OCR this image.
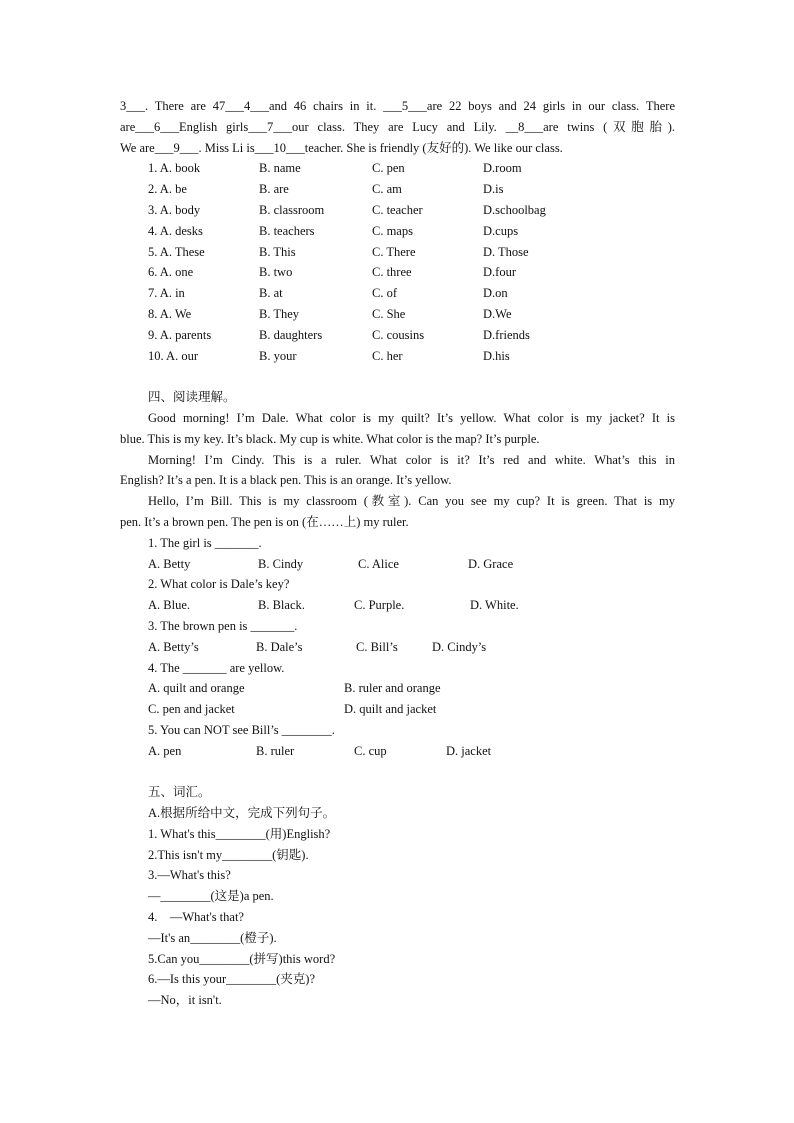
3___. There are 47___4___and 46 chairs in it. ___5___are 22 boys and 24 girls in our class. There
are___6___English girls___7___our class. They are Lucy and Lily. __8___are twins (双胞胎).
We are___9___. Miss Li is___10___teacher. She is friendly (友好的). We like our class.
1. A. book	B. name	C. pen	D.room
2. A. be	B. are	C. am	D.is
3. A. body	B. classroom	C. teacher	D.schoolbag
4. A. desks	B. teachers	C. maps	D.cups
5. A. These	B. This	C. There	D. Those
6. A. one	B. two	C. three	D.four
7. A. in	B. at	C. of	D.on
8. A. We	B. They	C. She	D.We
9. A. parents	B. daughters	C. cousins	D.friends
10. A. our	B. your	C. her	D.his
四、阅读理解。
Good morning! I’m Dale. What color is my quilt? It’s yellow. What color is my jacket? It is
blue. This is my key. It’s black. My cup is white. What color is the map? It’s purple.
Morning! I’m Cindy. This is a ruler. What color is it? It’s red and white. What’s this in
English? It’s a pen. It is a black pen. This is an orange. It’s yellow.
Hello, I’m Bill. This is my classroom (教室). Can you see my cup? It is green. That is my
pen. It’s a brown pen. The pen is on (在……上) my ruler.
1. The girl is _______.
A. Betty	B. Cindy	C. Alice	D. Grace
2. What color is Dale’s key?
A. Blue.	B. Black.	C. Purple.	D. White.
3. The brown pen is _______.
A. Betty’s	B. Dale’s	C. Bill’s	D. Cindy’s
4. The _______ are yellow.
A. quilt and orange	B. ruler and orange
C. pen and jacket	D. quilt and jacket
5. You can NOT see Bill’s ________.
A. pen	B. ruler	C. cup	D. jacket
五、词汇。
A.根据所给中文，完成下列句子。
1. What's this________(用)English?
2.This isn't my________(钥匙).
3.—What's this?
—________(这是)a pen.
4.    —What's that?
—It's an________(橙子).
5.Can you________(拼写)this word?
6.—Is this your________(夹克)?
—No，it isn't.
